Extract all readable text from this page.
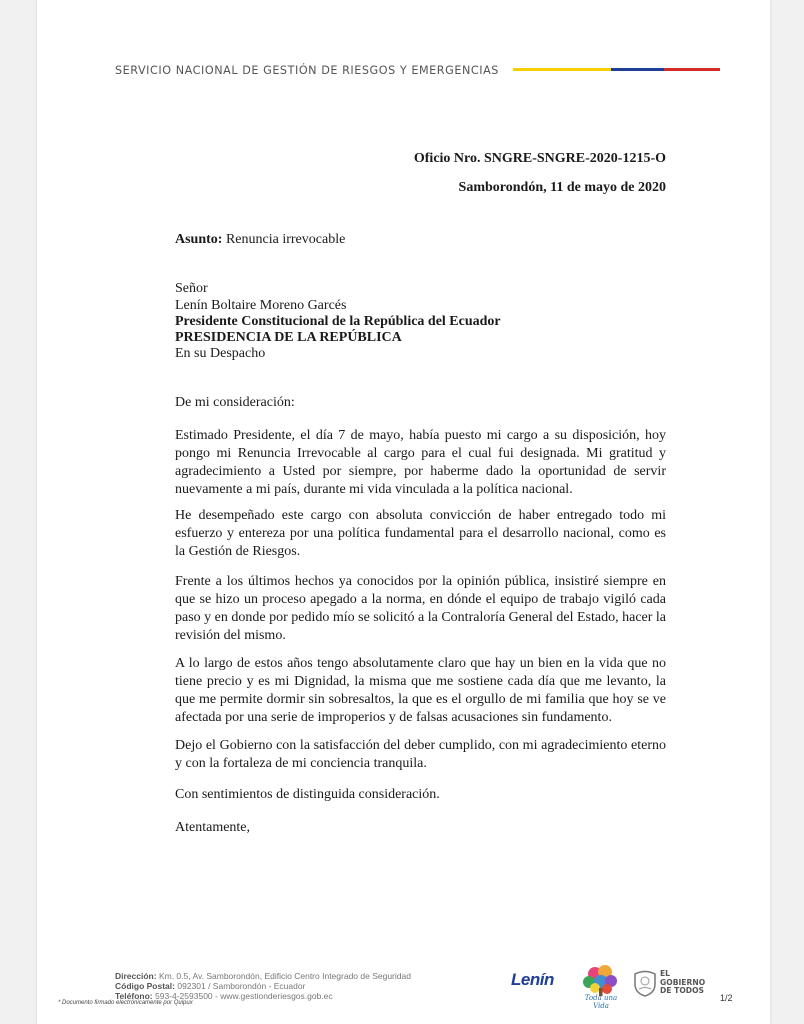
SERVICIO NACIONAL DE GESTIÓN DE RIESGOS Y EMERGENCIAS
Oficio Nro. SNGRE-SNGRE-2020-1215-O
Samborondón, 11 de mayo de 2020
Asunto: Renuncia irrevocable
Señor
Lenín Boltaire Moreno Garcés
Presidente Constitucional de la República del Ecuador
PRESIDENCIA DE LA REPÚBLICA
En su Despacho
De mi consideración:

Estimado Presidente, el día 7 de mayo, había puesto mi cargo a su disposición, hoy pongo mi Renuncia Irrevocable al cargo para el cual fui designada. Mi gratitud y agradecimiento a Usted por siempre, por haberme dado la oportunidad de servir nuevamente a mi país, durante mi vida vinculada a la política nacional.

He desempeñado este cargo con absoluta convicción de haber entregado todo mi esfuerzo y entereza por una política fundamental para el desarrollo nacional, como es la Gestión de Riesgos.

Frente a los últimos hechos ya conocidos por la opinión pública, insistiré siempre en que se hizo un proceso apegado a la norma, en dónde el equipo de trabajo vigiló cada paso y en donde por pedido mío se solicitó a la Contraloría General del Estado, hacer la revisión del mismo.

A lo largo de estos años tengo absolutamente claro que hay un bien en la vida que no tiene precio y es mi Dignidad, la misma que me sostiene cada día que me levanto, la que me permite dormir sin sobresaltos, la que es el orgullo de mi familia que hoy se ve afectada por una serie de improperios y de falsas acusaciones sin fundamento.

Dejo el Gobierno con la satisfacción del deber cumplido, con mi agradecimiento eterno y con la fortaleza de mi conciencia tranquila.

Con sentimientos de distinguida consideración.
Atentamente,
Dirección: Km. 0.5, Av. Samborondón, Edificio Centro Integrado de Seguridad
Código Postal: 092301 / Samborondón - Ecuador
Teléfono: 593-4-2593500 - www.gestionderiesgos.gob.ec
* Documento firmado electrónicamente por Quipux
Lenín
Toda una Vida
EL
GOBIERNO
DE TODOS
1/2
